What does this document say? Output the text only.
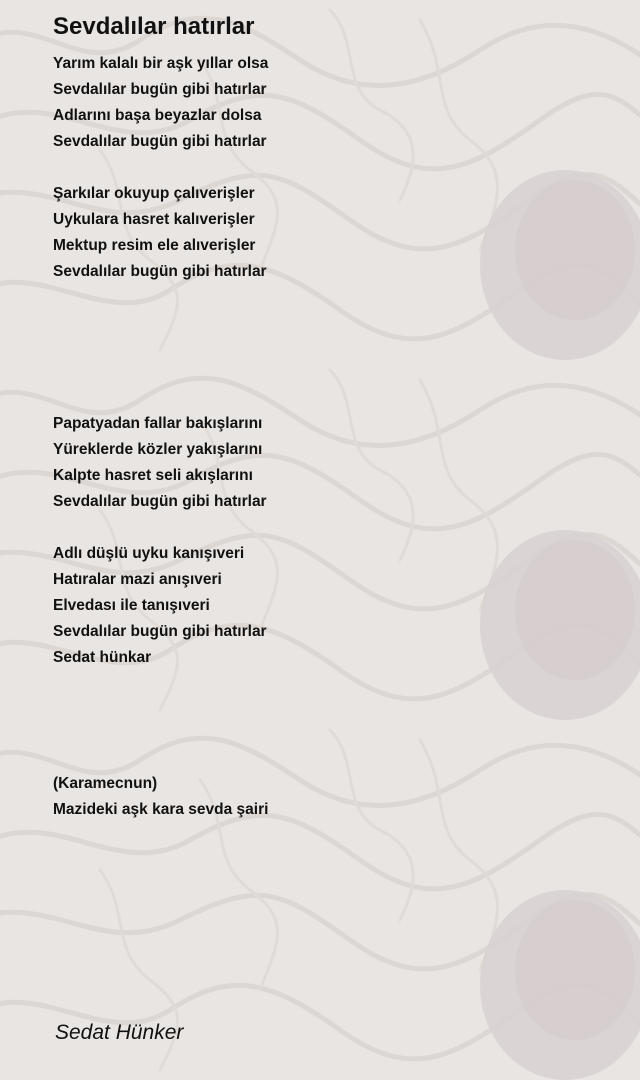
Sevdalılar hatırlar
Yarım kalalı bir aşk yıllar olsa
Sevdalılar bugün gibi hatırlar
Adlarını başa beyazlar dolsa
Sevdalılar bugün gibi hatırlar
Şarkılar okuyup çalıverişler
Uykulara hasret kalıverişler
Mektup resim ele alıverişler
Sevdalılar bugün gibi hatırlar
Papatyadan fallar bakışlarını
Yüreklerde közler yakışlarını
Kalpte hasret seli akışlarını
Sevdalılar bugün gibi hatırlar
Adlı düşlü uyku kanışıveri
Hatıralar mazi anışıveri
Elvedası ile tanışıveri
Sevdalılar bugün gibi hatırlar
Sedat hünkar
(Karamecnun)
Mazideki aşk kara sevda şairi
Sedat Hünker
